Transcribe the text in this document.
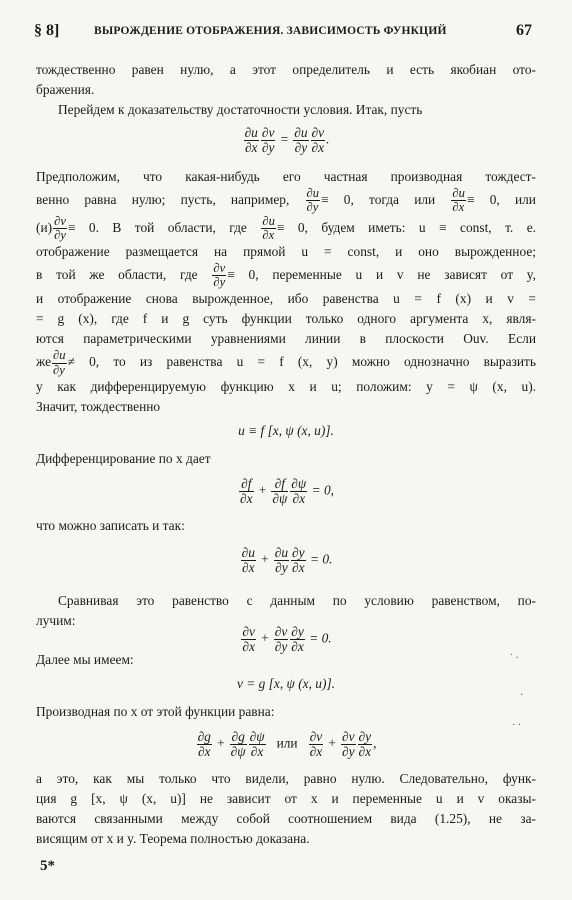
§ 8]	ВЫРОЖДЕНИЕ ОТОБРАЖЕНИЯ. ЗАВИСИМОСТЬ ФУНКЦИЙ	67

тождественно равен нулю, а этот определитель и есть якобиан ото-

бражения.

Перейдем к доказательству достаточности условия. Итак, пусть

$\frac{\partial u}{\partial x} \frac{\partial v}{\partial y} = \frac{\partial u}{\partial y} \frac{\partial v}{\partial x}$ .

Предположим, что какая-нибудь его частная производная тождест-

венно равна нулю; пусть, например, $\frac{\partial u}{\partial y} \equiv 0$, тогда или $\frac{\partial u}{\partial x} \equiv 0$, или

$(и) \frac{\partial v}{\partial y} \equiv 0$. В той области, где $\frac{\partial u}{\partial x} \equiv 0$, будем иметь: u ≡ const, т. е.

отображение размещается на прямой u = const, и оно вырожденное;

в той же области, где $\frac{\partial v}{\partial y} \equiv 0$, переменные u и v не зависят от y,

и отображение снова вырожденное, ибо равенства u = f (x) и v =

= g (x), где f и g суть функции только одного аргумента x, явля-

ются параметрическими уравнениями линии в плоскости Ouv. Если

же $\frac{\partial u}{\partial y} \ne 0$, то из равенства u = f (x, y) можно однозначно выразить

y как дифференцируемую функцию x и u; положим: y = ψ (x, u).

Значит, тождественно

u ≡ f [x, ψ (x, u)].

Дифференцирование по x дает

$\frac{\partial f}{\partial x} + \frac{\partial f}{\partial\psi} \frac{\partial\psi}{\partial x} = 0$,

что можно записать и так:

$\frac{\partial u}{\partial x} + \frac{\partial u}{\partial y} \frac{\partial y}{\partial x} = 0$.

Сравнивая это равенство с данным по условию равенством, по-

лучим:

$\frac{\partial v}{\partial x} + \frac{\partial v}{\partial y} \frac{\partial y}{\partial x} = 0$.

Далее мы имеем:

v = g [x, ψ (x, u)].

Производная по x от этой функции равна:

$\frac{\partial g}{\partial x} + \frac{\partial g}{\partial\psi} \frac{\partial\psi}{\partial x}$ или $\frac{\partial v}{\partial x} + \frac{\partial v}{\partial y} \frac{\partial y}{\partial x}$ ,

а это, как мы только что видели, равно нулю. Следовательно, функ-

ция g [x, ψ (x, u)] не зависит от x и переменные u и v оказы-

ваются связанными между собой соотношением вида (1.25), не за-

висящим от x и y. Теорема полностью доказана.

· .
·
· ·
5*
